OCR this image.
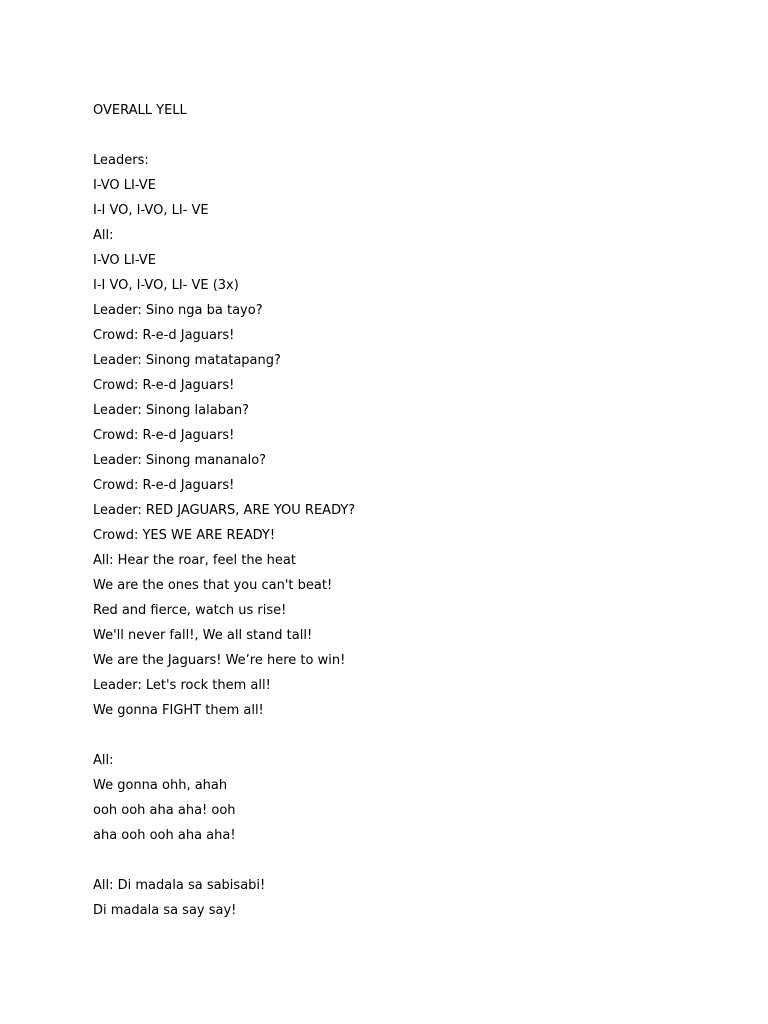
OVERALL YELL
Leaders:
I-VO LI-VE
I-I VO, I-VO, LI- VE
All:
I-VO LI-VE
I-I VO, I-VO, LI- VE (3x)
Leader: Sino nga ba tayo?
Crowd: R-e-d Jaguars!
Leader: Sinong matatapang?
Crowd: R-e-d Jaguars!
Leader: Sinong lalaban?
Crowd: R-e-d Jaguars!
Leader: Sinong mananalo?
Crowd: R-e-d Jaguars!
Leader: RED JAGUARS, ARE YOU READY?
Crowd: YES WE ARE READY!
All: Hear the roar, feel the heat
We are the ones that you can't beat!
Red and fierce, watch us rise!
We'll never fall!, We all stand tall!
We are the Jaguars! We’re here to win!
Leader: Let's rock them all!
We gonna FIGHT them all!
All:
We gonna ohh, ahah
ooh ooh aha aha! ooh
aha ooh ooh aha aha!
All: Di madala sa sabisabi!
Di madala sa say say!
